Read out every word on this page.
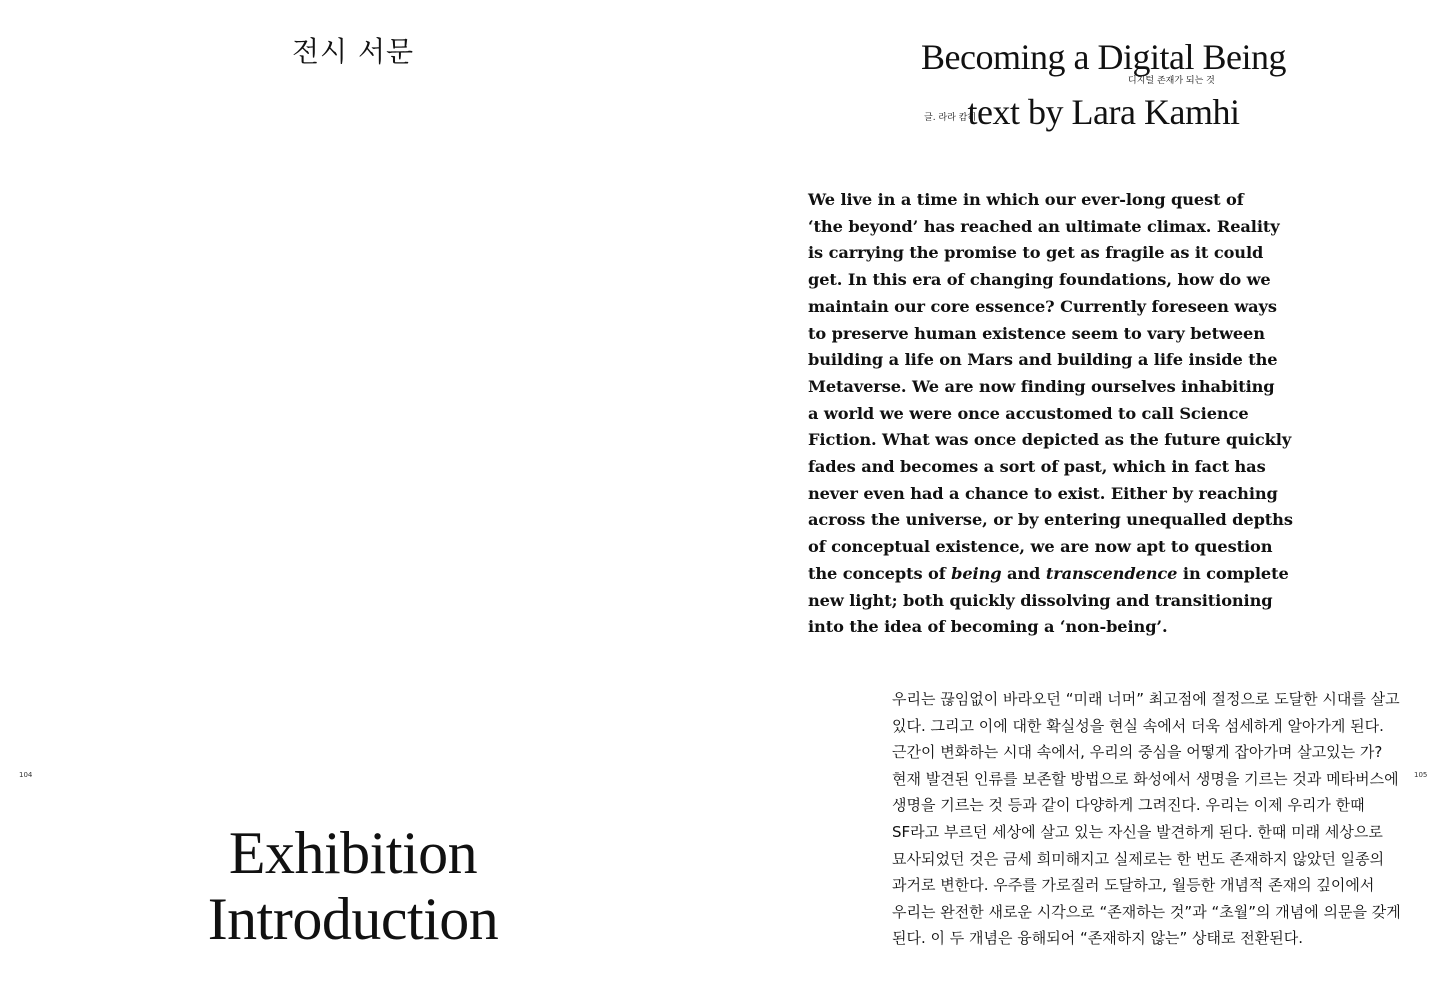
전시 서문
104
Exhibition
Introduction
Becoming a Digital Being
text by Lara Kamhi
디지털 존재가 되는 것
글. 라라 캄히
105

We live in a time in which our ever-long quest of
‘the beyond’ has reached an ultimate climax. Reality
is carrying the promise to get as fragile as it could
get. In this era of changing foundations, how do we
maintain our core essence? Currently foreseen ways
to preserve human existence seem to vary between
building a life on Mars and building a life inside the
Metaverse. We are now finding ourselves inhabiting
a world we were once accustomed to call Science
Fiction. What was once depicted as the future quickly
fades and becomes a sort of past, which in fact has
never even had a chance to exist. Either by reaching
across the universe, or by entering unequalled depths
of conceptual existence, we are now apt to question
the concepts of being and transcendence in complete
new light; both quickly dissolving and transitioning
into the idea of becoming a ‘non-being’.

우리는 끊임없이 바라오던 “미래 너머” 최고점에 절정으로 도달한 시대를 살고
있다. 그리고 이에 대한 확실성을 현실 속에서 더욱 섬세하게 알아가게 된다.
근간이 변화하는 시대 속에서, 우리의 중심을 어떻게 잡아가며 살고있는 가?
현재 발견된 인류를 보존할 방법으로 화성에서 생명을 기르는 것과 메타버스에
생명을 기르는 것 등과 같이 다양하게 그려진다. 우리는 이제 우리가 한때
SF라고 부르던 세상에 살고 있는 자신을 발견하게 된다. 한때 미래 세상으로
묘사되었던 것은 금세 희미해지고 실제로는 한 번도 존재하지 않았던 일종의
과거로 변한다. 우주를 가로질러 도달하고, 월등한 개념적 존재의 깊이에서
우리는 완전한 새로운 시각으로 “존재하는 것”과 “초월”의 개념에 의문을 갖게
된다. 이 두 개념은 융해되어 “존재하지 않는” 상태로 전환된다.
